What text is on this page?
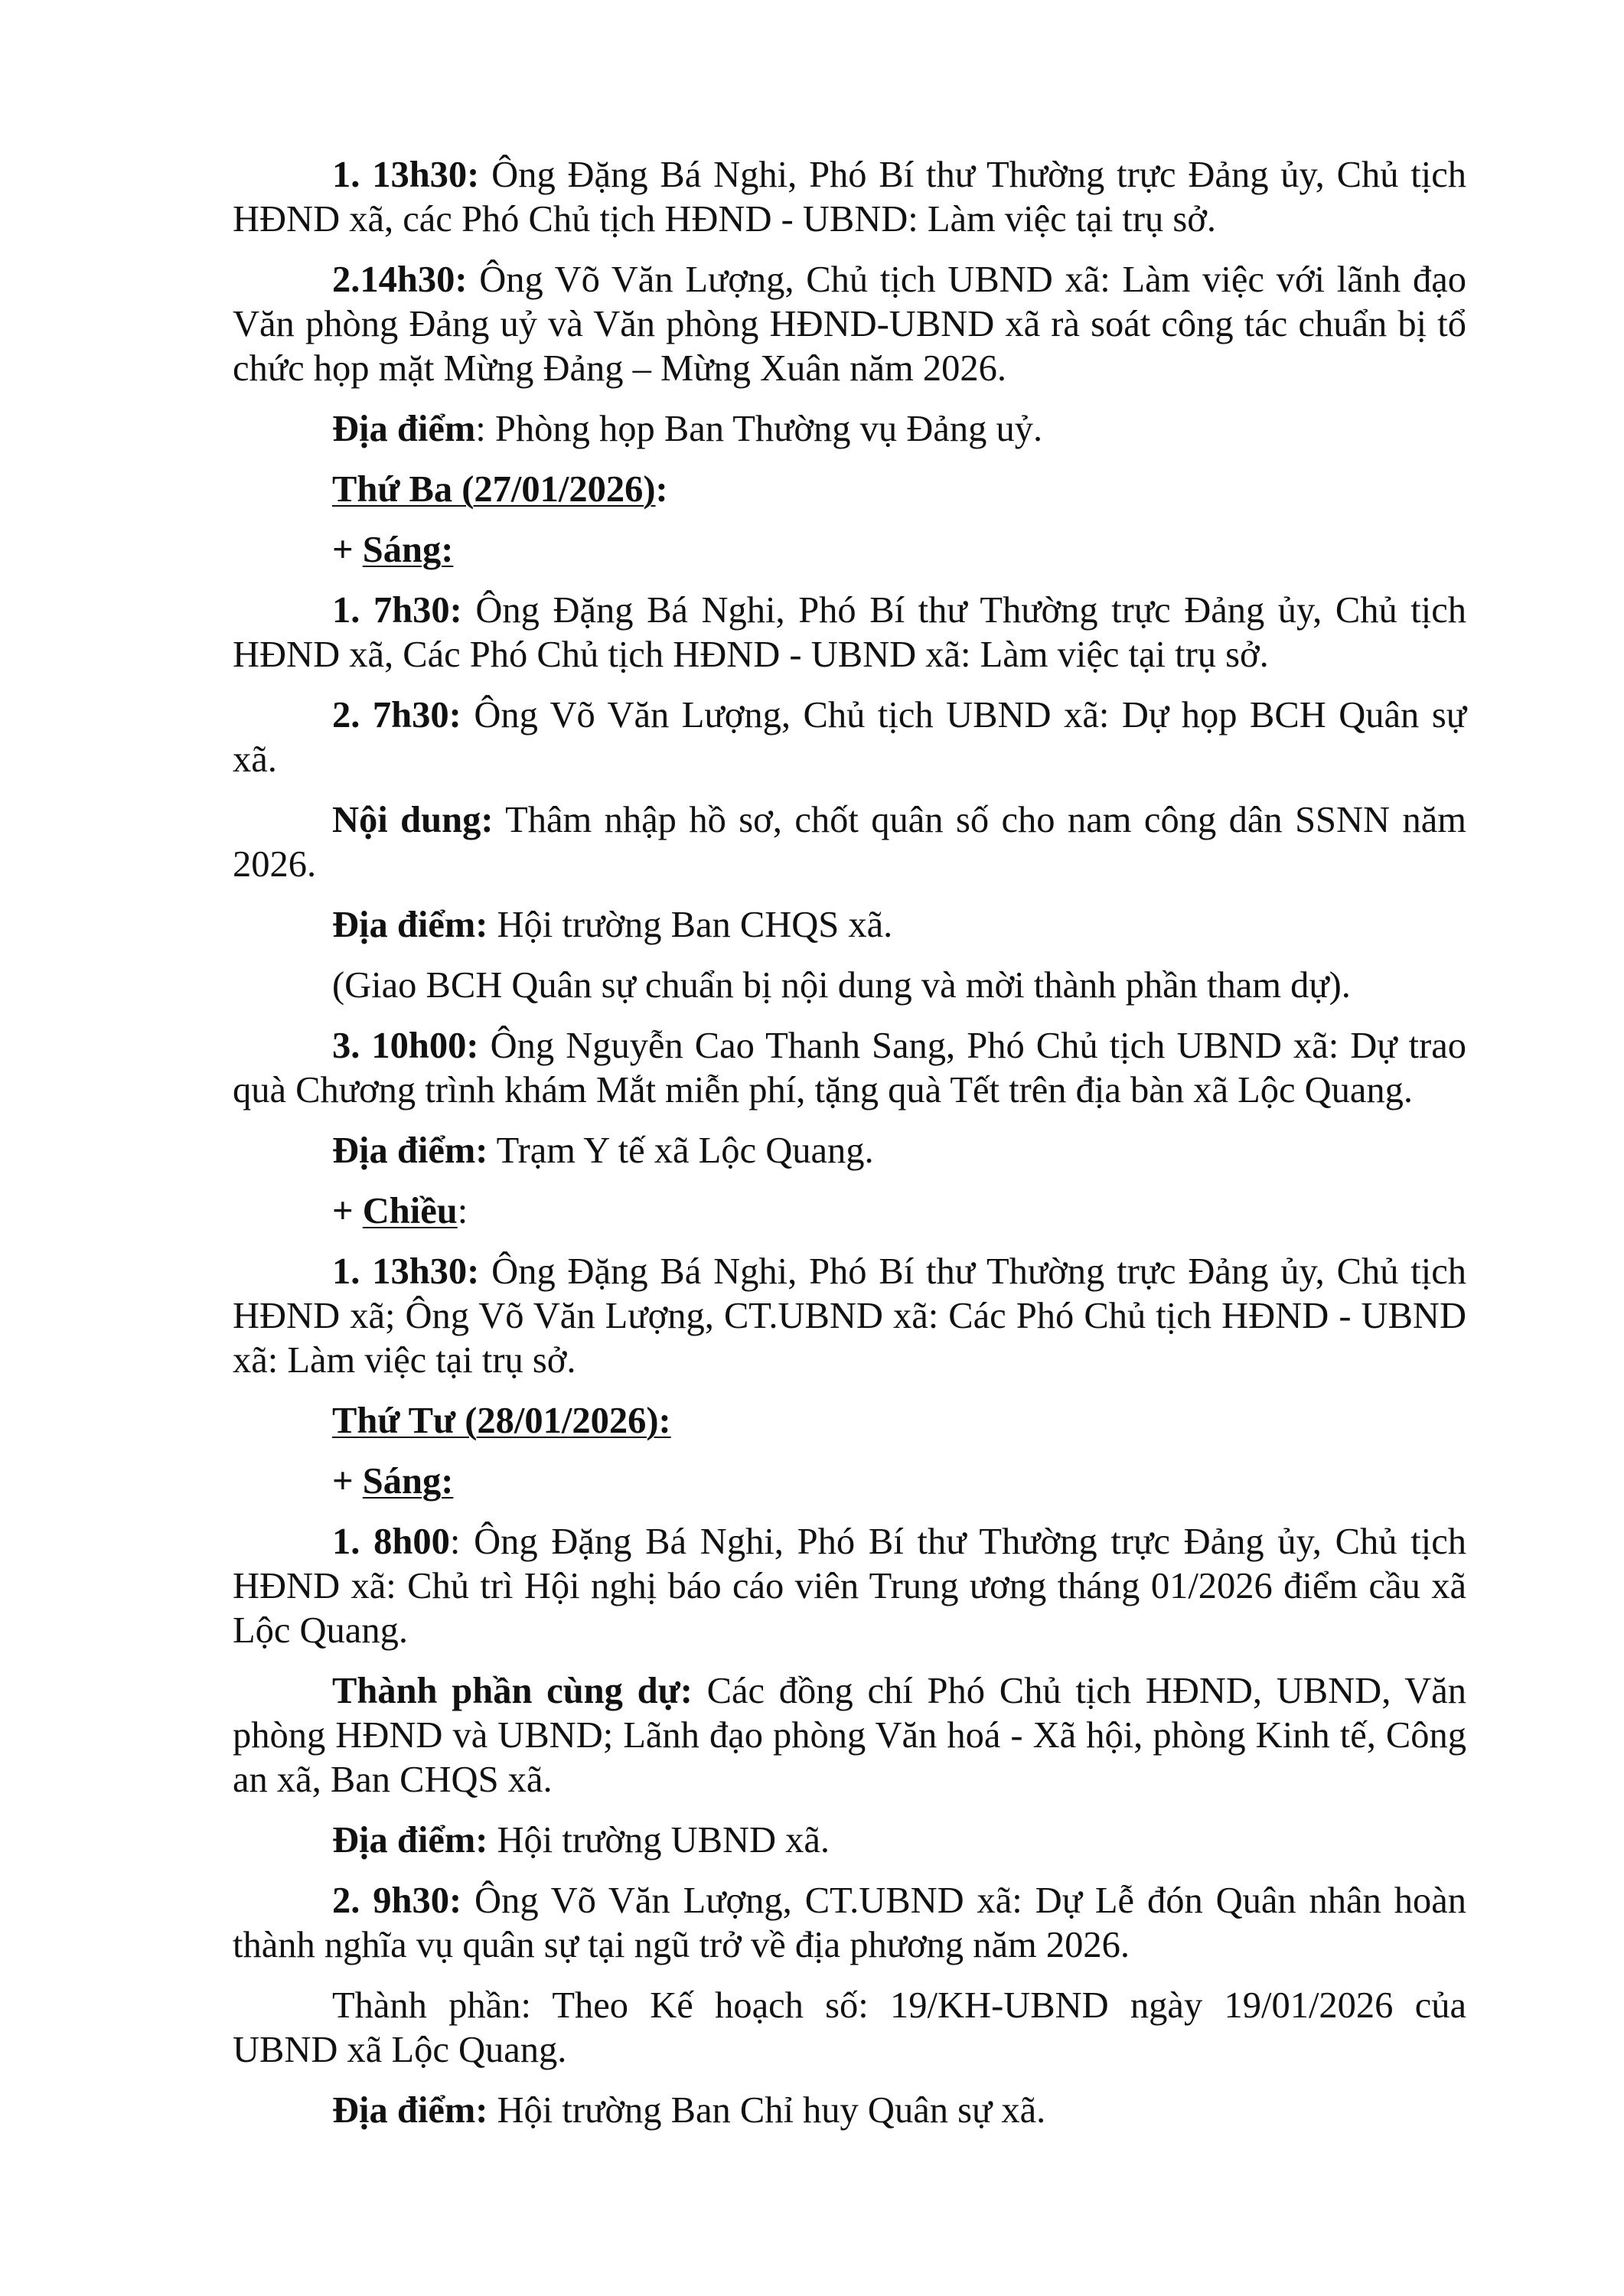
1. 13h30: Ông Đặng Bá Nghi, Phó Bí thư Thường trực Đảng ủy, Chủ tịch HĐND xã, các Phó Chủ tịch HĐND - UBND: Làm việc tại trụ sở.

2.14h30: Ông Võ Văn Lượng, Chủ tịch UBND xã: Làm việc với lãnh đạo Văn phòng Đảng uỷ và Văn phòng HĐND-UBND xã rà soát công tác chuẩn bị tổ chức họp mặt Mừng Đảng – Mừng Xuân năm 2026.

Địa điểm: Phòng họp Ban Thường vụ Đảng uỷ.

Thứ Ba (27/01/2026):

+ Sáng:

1. 7h30: Ông Đặng Bá Nghi, Phó Bí thư Thường trực Đảng ủy, Chủ tịch HĐND xã, Các Phó Chủ tịch HĐND - UBND xã: Làm việc tại trụ sở.

2. 7h30: Ông Võ Văn Lượng, Chủ tịch UBND xã: Dự họp BCH Quân sự xã.

Nội dung: Thâm nhập hồ sơ, chốt quân số cho nam công dân SSNN năm 2026.

Địa điểm: Hội trường Ban CHQS xã.

(Giao BCH Quân sự chuẩn bị nội dung và mời thành phần tham dự).

3. 10h00: Ông Nguyễn Cao Thanh Sang, Phó Chủ tịch UBND xã: Dự trao quà Chương trình khám Mắt miễn phí, tặng quà Tết trên địa bàn xã Lộc Quang.

Địa điểm: Trạm Y tế xã Lộc Quang.

+ Chiều:

1. 13h30: Ông Đặng Bá Nghi, Phó Bí thư Thường trực Đảng ủy, Chủ tịch HĐND xã; Ông Võ Văn Lượng, CT.UBND xã: Các Phó Chủ tịch HĐND - UBND xã: Làm việc tại trụ sở.

Thứ Tư (28/01/2026):

+ Sáng:

1. 8h00: Ông Đặng Bá Nghi, Phó Bí thư Thường trực Đảng ủy, Chủ tịch HĐND xã: Chủ trì Hội nghị báo cáo viên Trung ương tháng 01/2026 điểm cầu xã Lộc Quang.

Thành phần cùng dự: Các đồng chí Phó Chủ tịch HĐND, UBND, Văn phòng HĐND và UBND; Lãnh đạo phòng Văn hoá - Xã hội, phòng Kinh tế, Công an xã, Ban CHQS xã.

Địa điểm: Hội trường UBND xã.

2. 9h30: Ông Võ Văn Lượng, CT.UBND xã: Dự Lễ đón Quân nhân hoàn thành nghĩa vụ quân sự tại ngũ trở về địa phương năm 2026.

Thành phần: Theo Kế hoạch số: 19/KH-UBND ngày 19/01/2026 của UBND xã Lộc Quang.

Địa điểm: Hội trường Ban Chỉ huy Quân sự xã.
